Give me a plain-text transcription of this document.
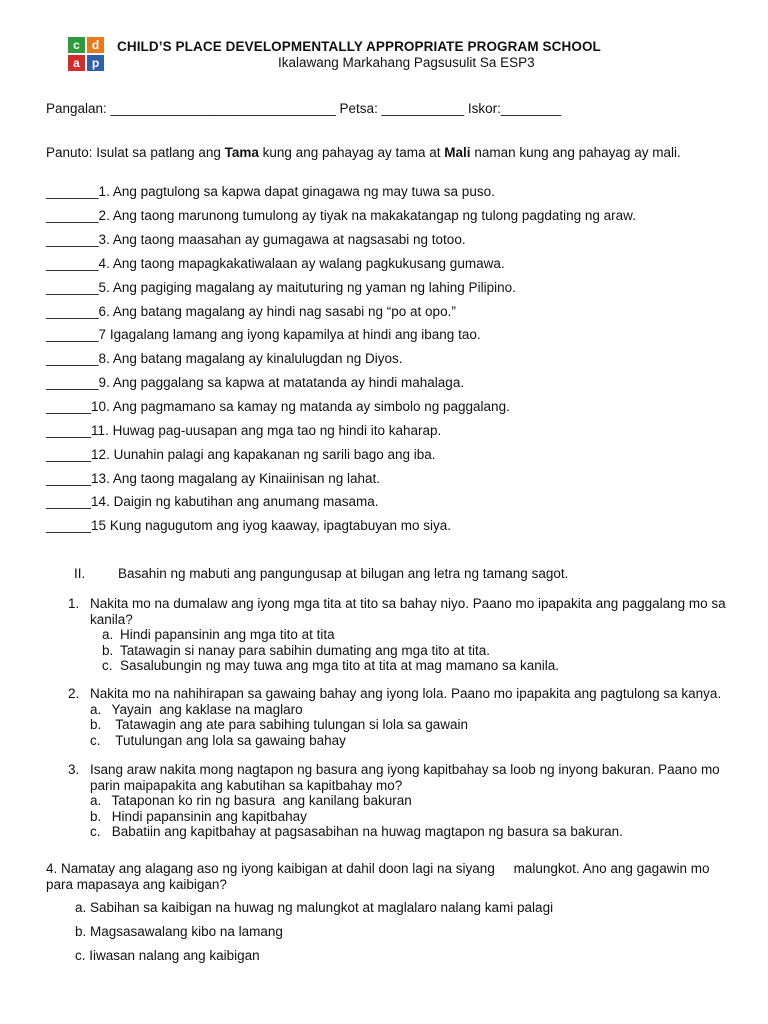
c d
a p
CHILD’S PLACE DEVELOPMENTALLY APPROPRIATE PROGRAM SCHOOL
Ikalawang Markahang Pagsusulit Sa ESP3
Pangalan: ______________________________ Petsa: ___________ Iskor:________
Panuto: Isulat sa patlang ang Tama kung ang pahayag ay tama at Mali naman kung ang pahayag ay mali.
_______1. Ang pagtulong sa kapwa dapat ginagawa ng may tuwa sa puso.
_______2. Ang taong marunong tumulong ay tiyak na makakatangap ng tulong pagdating ng araw.
_______3. Ang taong maasahan ay gumagawa at nagsasabi ng totoo.
_______4. Ang taong mapagkakatiwalaan ay walang pagkukusang gumawa.
_______5. Ang pagiging magalang ay maituturing ng yaman ng lahing Pilipino.
_______6. Ang batang magalang ay hindi nag sasabi ng “po at opo.”
_______7 Igagalang lamang ang iyong kapamilya at hindi ang ibang tao.
_______8. Ang batang magalang ay kinalulugdan ng Diyos.
_______9. Ang paggalang sa kapwa at matatanda ay hindi mahalaga.
______10. Ang pagmamano sa kamay ng matanda ay simbolo ng paggalang.
______11. Huwag pag-uusapan ang mga tao ng hindi ito kaharap.
______12. Uunahin palagi ang kapakanan ng sarili bago ang iba.
______13. Ang taong magalang ay Kinaiinisan ng lahat.
______14. Daigin ng kabutihan ang anumang masama.
______15 Kung nagugutom ang iyog kaaway, ipagtabuyan mo siya.
II. Basahin ng mabuti ang pangungusap at bilugan ang letra ng tamang sagot.
1. Nakita mo na dumalaw ang iyong mga tita at tito sa bahay niyo. Paano mo ipapakita ang paggalang mo sa kanila?
a. Hindi papansinin ang mga tito at tita
b. Tatawagin si nanay para sabihin dumating ang mga tito at tita.
c. Sasalubungin ng may tuwa ang mga tito at tita at mag mamano sa kanila.
2. Nakita mo na nahihirapan sa gawaing bahay ang iyong lola. Paano mo ipapakita ang pagtulong sa kanya.
a. Yayain  ang kaklase na maglaro
b.  Tatawagin ang ate para sabihing tulungan si lola sa gawain
c.  Tutulungan ang lola sa gawaing bahay
3. Isang araw nakita mong nagtapon ng basura ang iyong kapitbahay sa loob ng inyong bakuran. Paano mo parin maipapakita ang kabutihan sa kapitbahay mo?
a. Tataponan ko rin ng basura  ang kanilang bakuran
b. Hindi papansinin ang kapitbahay
c. Babatiin ang kapitbahay at pagsasabihan na huwag magtapon ng basura sa bakuran.
4. Namatay ang alagang aso ng iyong kaibigan at dahil doon lagi na siyang     malungkot. Ano ang gagawin mo para mapasaya ang kaibigan?
a. Sabihan sa kaibigan na huwag ng malungkot at maglalaro nalang kami palagi
b. Magsasawalang kibo na lamang
c. Iiwasan nalang ang kaibigan
